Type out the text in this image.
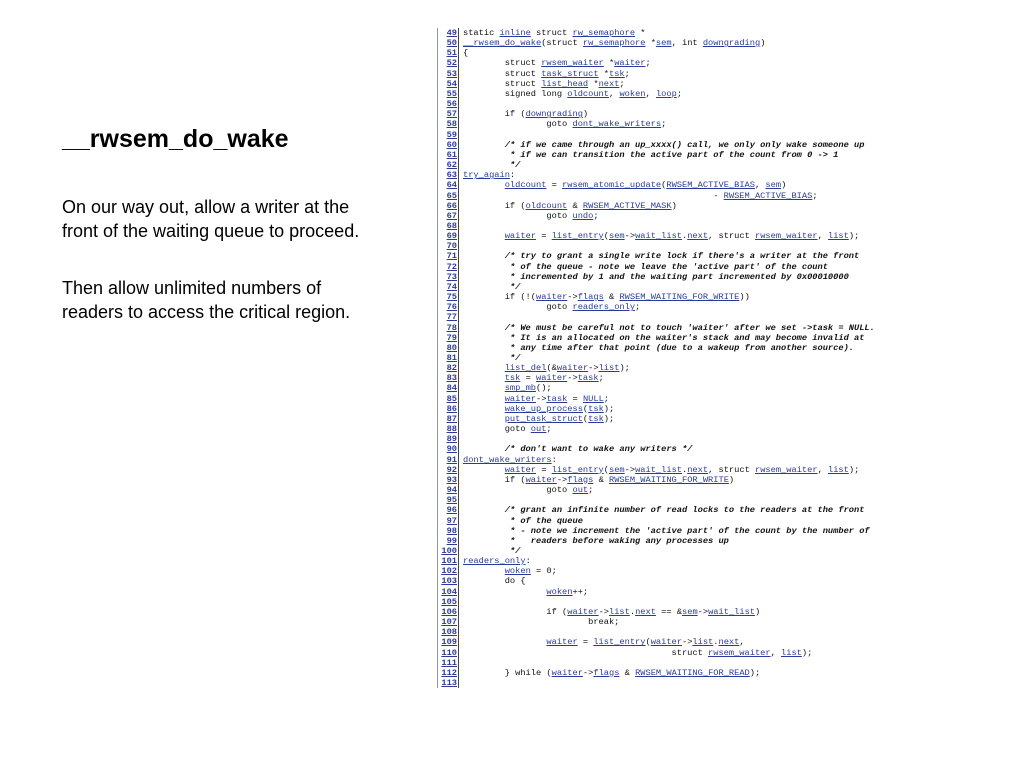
__rwsem_do_wake
On our way out, allow a writer at the
front of the waiting queue to proceed.
Then allow unlimited numbers of
readers to access the critical region.
49 static inline struct rw_semaphore *
50 __rwsem_do_wake(struct rw_semaphore *sem, int downgrading)
51 {
52        struct rwsem_waiter *waiter;
53        struct task_struct *tsk;
54        struct list_head *next;
55        signed long oldcount, woken, loop;
56
57        if (downgrading)
58                goto dont_wake_writers;
59
60        /* if we came through an up_xxxx() call, we only only wake someone up
61         * if we can transition the active part of the count from 0 -> 1
62         */
63 try_again:
64	oldcount = rwsem_atomic_update(RWSEM_ACTIVE_BIAS, sem)
65                                                - RWSEM_ACTIVE_BIAS;
66        if (oldcount & RWSEM_ACTIVE_MASK)
67                goto undo;
68
69	waiter = list_entry(sem->wait_list.next, struct rwsem_waiter, list);
70
71        /* try to grant a single write lock if there's a writer at the front
72         * of the queue - note we leave the 'active part' of the count
73         * incremented by 1 and the waiting part incremented by 0x00010000
74         */
75        if (!(waiter->flags & RWSEM_WAITING_FOR_WRITE))
76                goto readers_only;
77
78        /* We must be careful not to touch 'waiter' after we set ->task = NULL.
79         * It is an allocated on the waiter's stack and may become invalid at
80         * any time after that point (due to a wakeup from another source).
81         */
82	list_del(&waiter->list);
83	tsk = waiter->task;
84	smp_mb();
85	waiter->task = NULL;
86	wake_up_process(tsk);
87	put_task_struct(tsk);
88        goto out;
89
90        /* don't want to wake any writers */
91 dont_wake_writers:
92	waiter = list_entry(sem->wait_list.next, struct rwsem_waiter, list);
93        if (waiter->flags & RWSEM_WAITING_FOR_WRITE)
94                goto out;
95
96        /* grant an infinite number of read locks to the readers at the front
97         * of the queue
98         * - note we increment the 'active part' of the count by the number of
99         *   readers before waking any processes up
100         */
101 readers_only:
102	woken = 0;
103        do {
104	woken++;
105
106                if (waiter->list.next == &sem->wait_list)
107                        break;
108
109	waiter = list_entry(waiter->list.next,
110                                        struct rwsem_waiter, list);
111
112        } while (waiter->flags & RWSEM_WAITING_FOR_READ);
113
